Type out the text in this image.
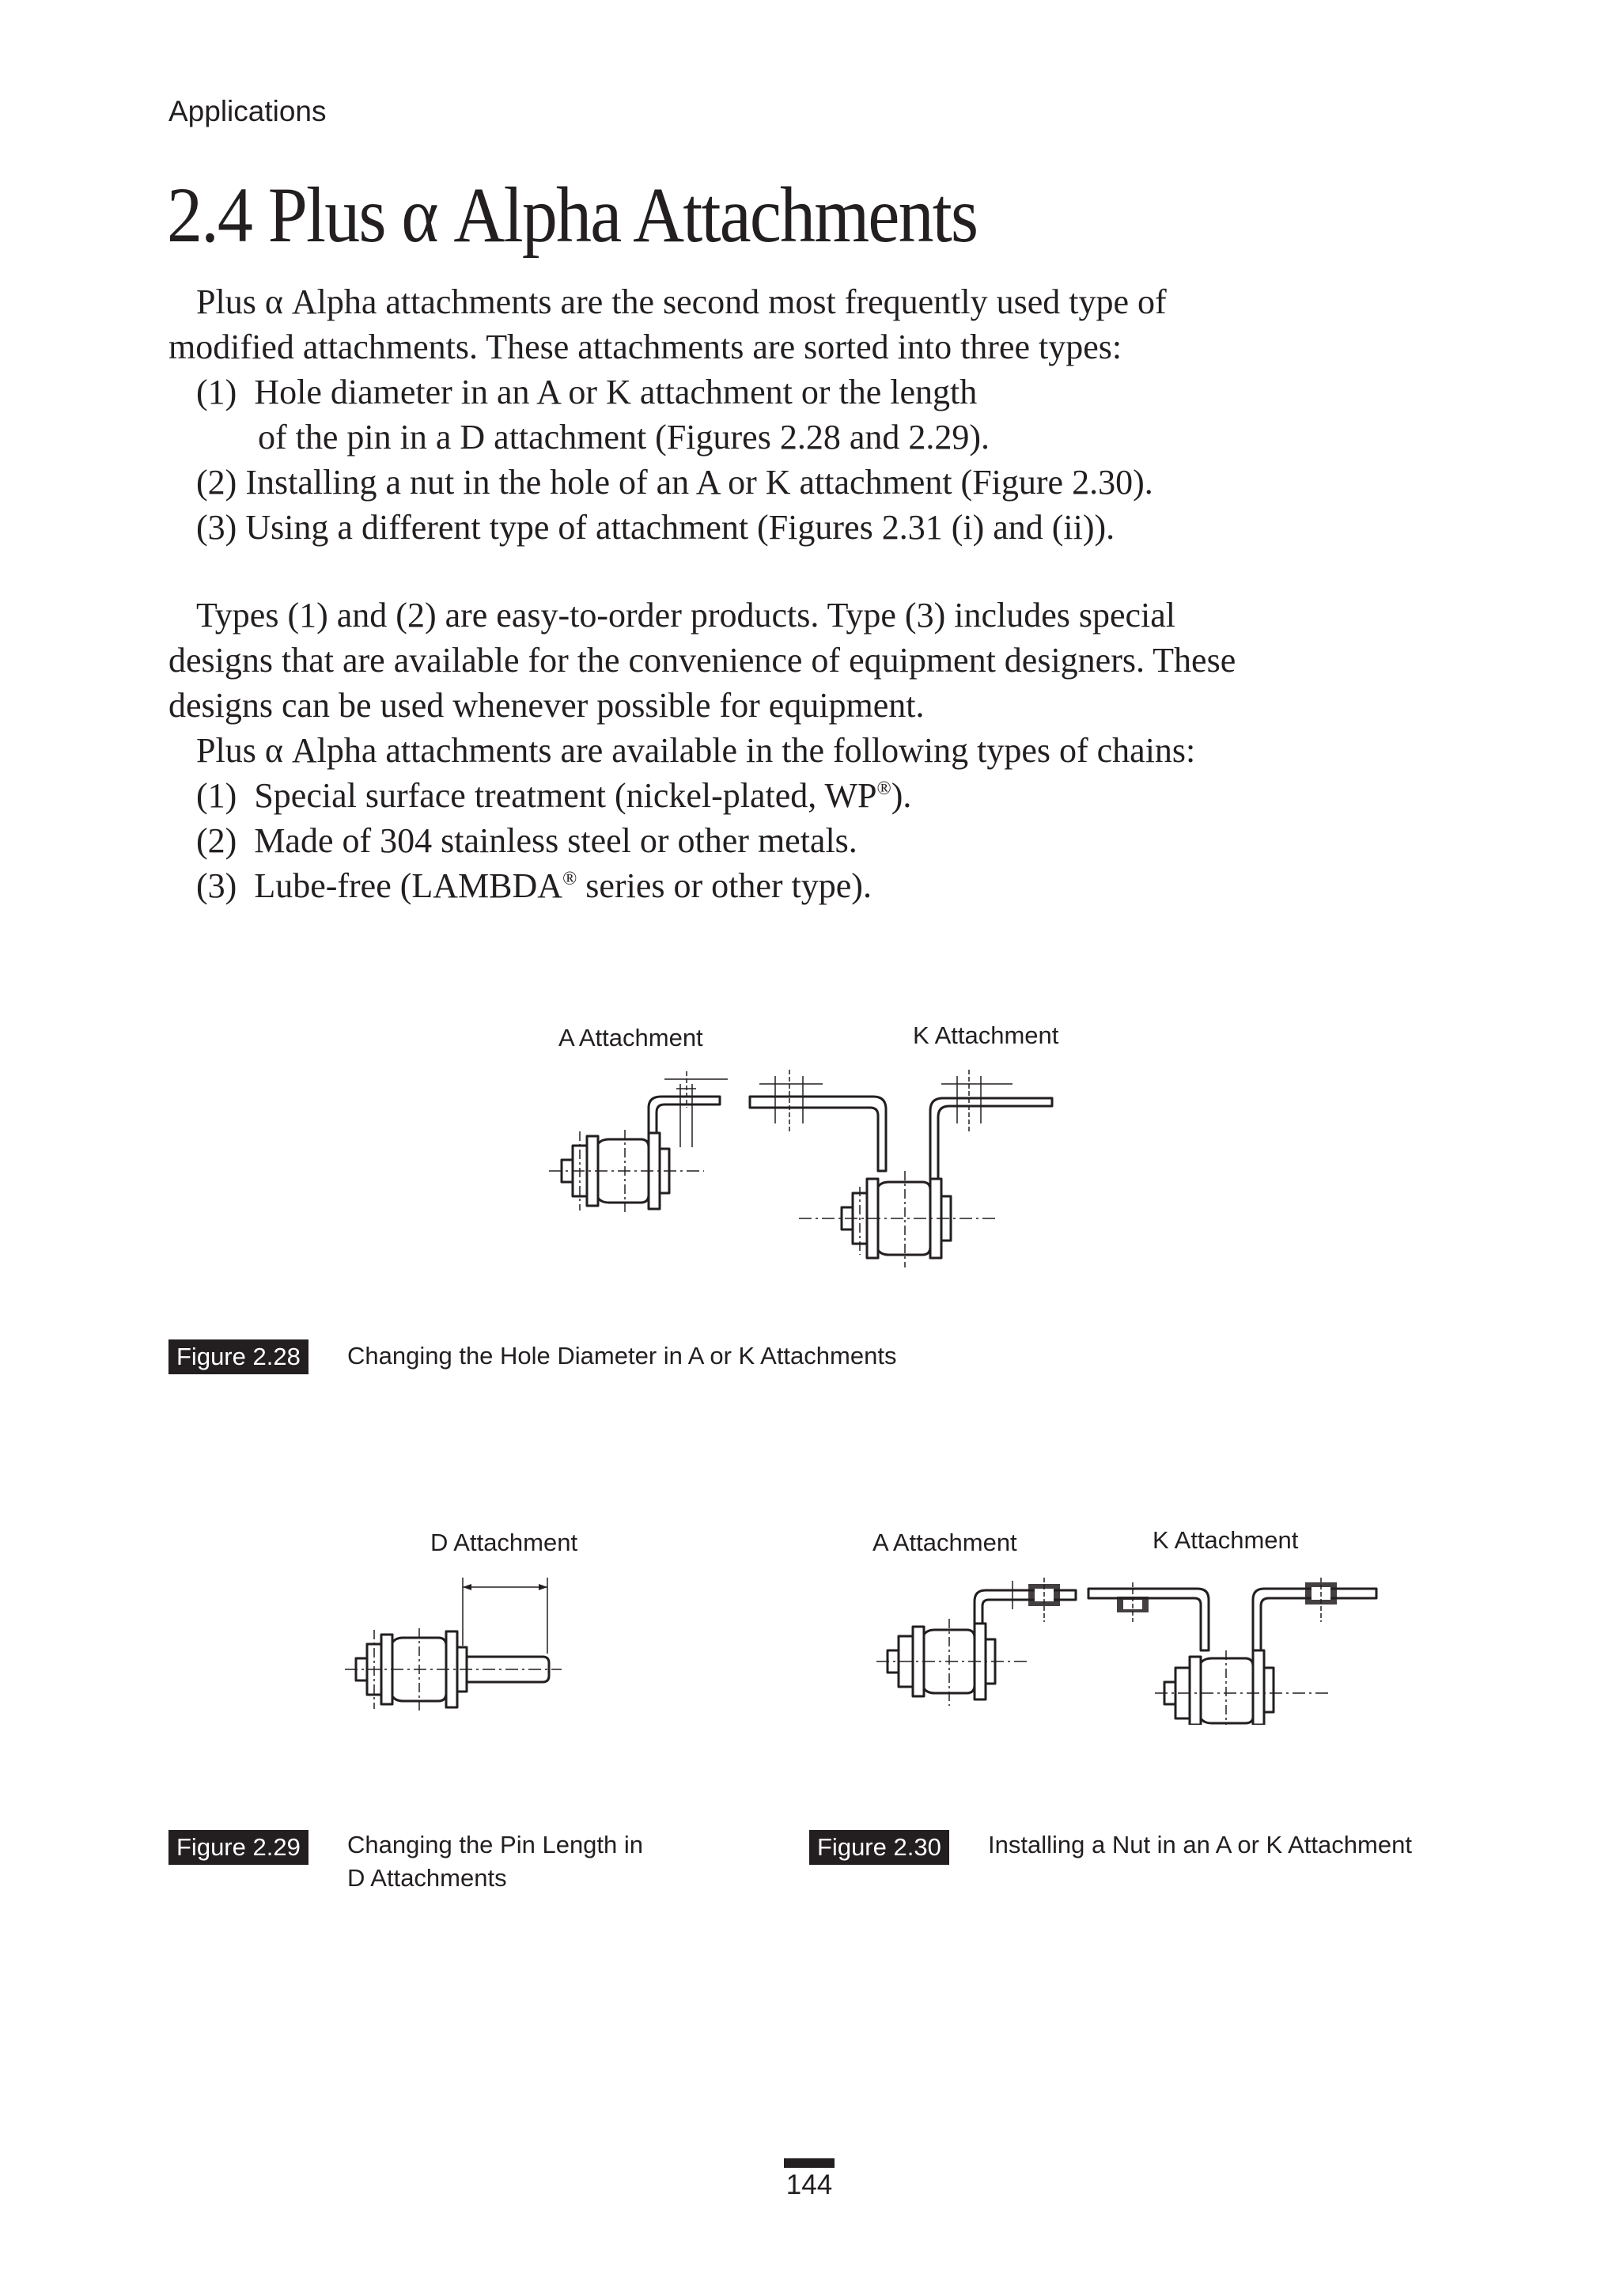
Applications
2.4 Plus α Alpha Attachments

Plus α Alpha attachments are the second most frequently used type of

modified attachments. These attachments are sorted into three types:

(1) Hole diameter in an A or K attachment or the length

of the pin in a D attachment (Figures 2.28 and 2.29).

(2) Installing a nut in the hole of an A or K attachment (Figure 2.30).

(3) Using a different type of attachment (Figures 2.31 (i) and (ii)).

Types (1) and (2) are easy-to-order products. Type (3) includes special

designs that are available for the convenience of equipment designers. These

designs can be used whenever possible for equipment.

Plus α Alpha attachments are available in the following types of chains:

(1) Special surface treatment (nickel-plated, WP®).

(2) Made of 304 stainless steel or other metals.

(3) Lube-free (LAMBDA® series or other type).

A Attachment	K Attachment
Figure 2.28	Changing the Hole Diameter in A or K Attachments
D Attachment
Figure 2.29	Changing the Pin Length in
D Attachments
A Attachment	K Attachment
Figure 2.30	Installing a Nut in an A or K Attachment
144
